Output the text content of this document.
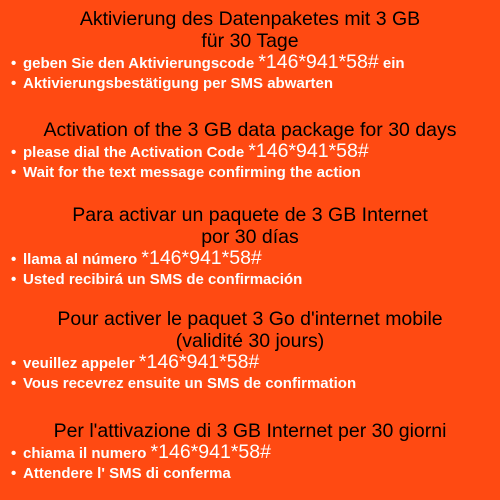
Aktivierung des Datenpaketes mit 3 GB
für 30 Tage
• geben Sie den Aktivierungscode *146*941*58# ein
• Aktivierungsbestätigung per SMS abwarten
Activation of the 3 GB data package for 30 days
• please dial the Activation Code *146*941*58#
• Wait for the text message confirming the action
Para activar un paquete de 3 GB Internet
por 30 días
• llama al número *146*941*58#
• Usted recibirá un SMS de confirmación
Pour activer le paquet 3 Go d'internet mobile
(validité 30 jours)
• veuillez appeler *146*941*58#
• Vous recevrez ensuite un SMS de confirmation
Per l'attivazione di 3 GB Internet per 30 giorni
• chiama il numero *146*941*58#
• Attendere l' SMS di conferma
